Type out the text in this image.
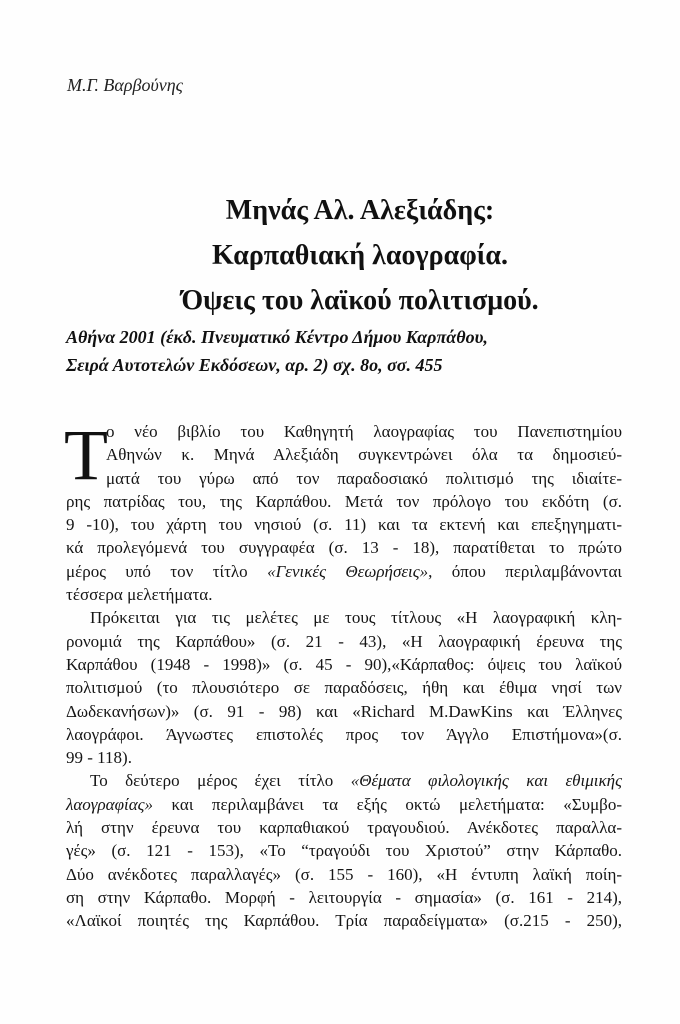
Μ.Γ. Βαρβούνης
Μηνάς Αλ. Αλεξιάδης:
Καρπαθιακή λαογραφία.
Όψεις του λαϊκού πολιτισμού.
Αθήνα 2001 (έκδ. Πνευματικό Κέντρο Δήμου Καρπάθου,
Σειρά Αυτοτελών Εκδόσεων, αρ. 2) σχ. 8ο, σσ. 455
Τ
ο νέο βιβλίο του Καθηγητή λαογραφίας του Πανεπιστημίου
Αθηνών κ. Μηνά Αλεξιάδη συγκεντρώνει όλα τα δημοσιεύ-
ματά του γύρω από τον παραδοσιακό πολιτισμό της ιδιαίτε-
ρης πατρίδας του, της Καρπάθου. Μετά τον πρόλογο του εκδότη (σ.
9 -10), του χάρτη του νησιού (σ. 11) και τα εκτενή και επεξηγηματι-
κά προλεγόμενά του συγγραφέα (σ. 13 - 18), παρατίθεται το πρώτο
μέρος υπό τον τίτλο «Γενικές Θεωρήσεις», όπου περιλαμβάνονται
τέσσερα μελετήματα.
Πρόκειται για τις μελέτες με τους τίτλους «Η λαογραφική κλη-
ρονομιά της Καρπάθου» (σ. 21 - 43), «Η λαογραφική έρευνα της
Καρπάθου (1948 - 1998)» (σ. 45 - 90),«Κάρπαθος: όψεις του λαϊκού
πολιτισμού (το πλουσιότερο σε παραδόσεις, ήθη και έθιμα νησί των
Δωδεκανήσων)» (σ. 91 - 98) και «Richard M.DawKins και Έλληνες
λαογράφοι. Άγνωστες επιστολές προς τον Άγγλο Επιστήμονα»(σ.
99 - 118).
Το δεύτερο μέρος έχει τίτλο «Θέματα φιλολογικής και εθιμικής
λαογραφίας» και περιλαμβάνει τα εξής οκτώ μελετήματα: «Συμβο-
λή στην έρευνα του καρπαθιακού τραγουδιού. Ανέκδοτες παραλλα-
γές» (σ. 121 - 153), «Το “τραγούδι του Χριστού” στην Κάρπαθο.
Δύο ανέκδοτες παραλλαγές» (σ. 155 - 160), «Η έντυπη λαϊκή ποίη-
ση στην Κάρπαθο. Μορφή - λειτουργία - σημασία» (σ. 161 - 214),
«Λαϊκοί ποιητές της Καρπάθου. Τρία παραδείγματα» (σ.215 - 250),
